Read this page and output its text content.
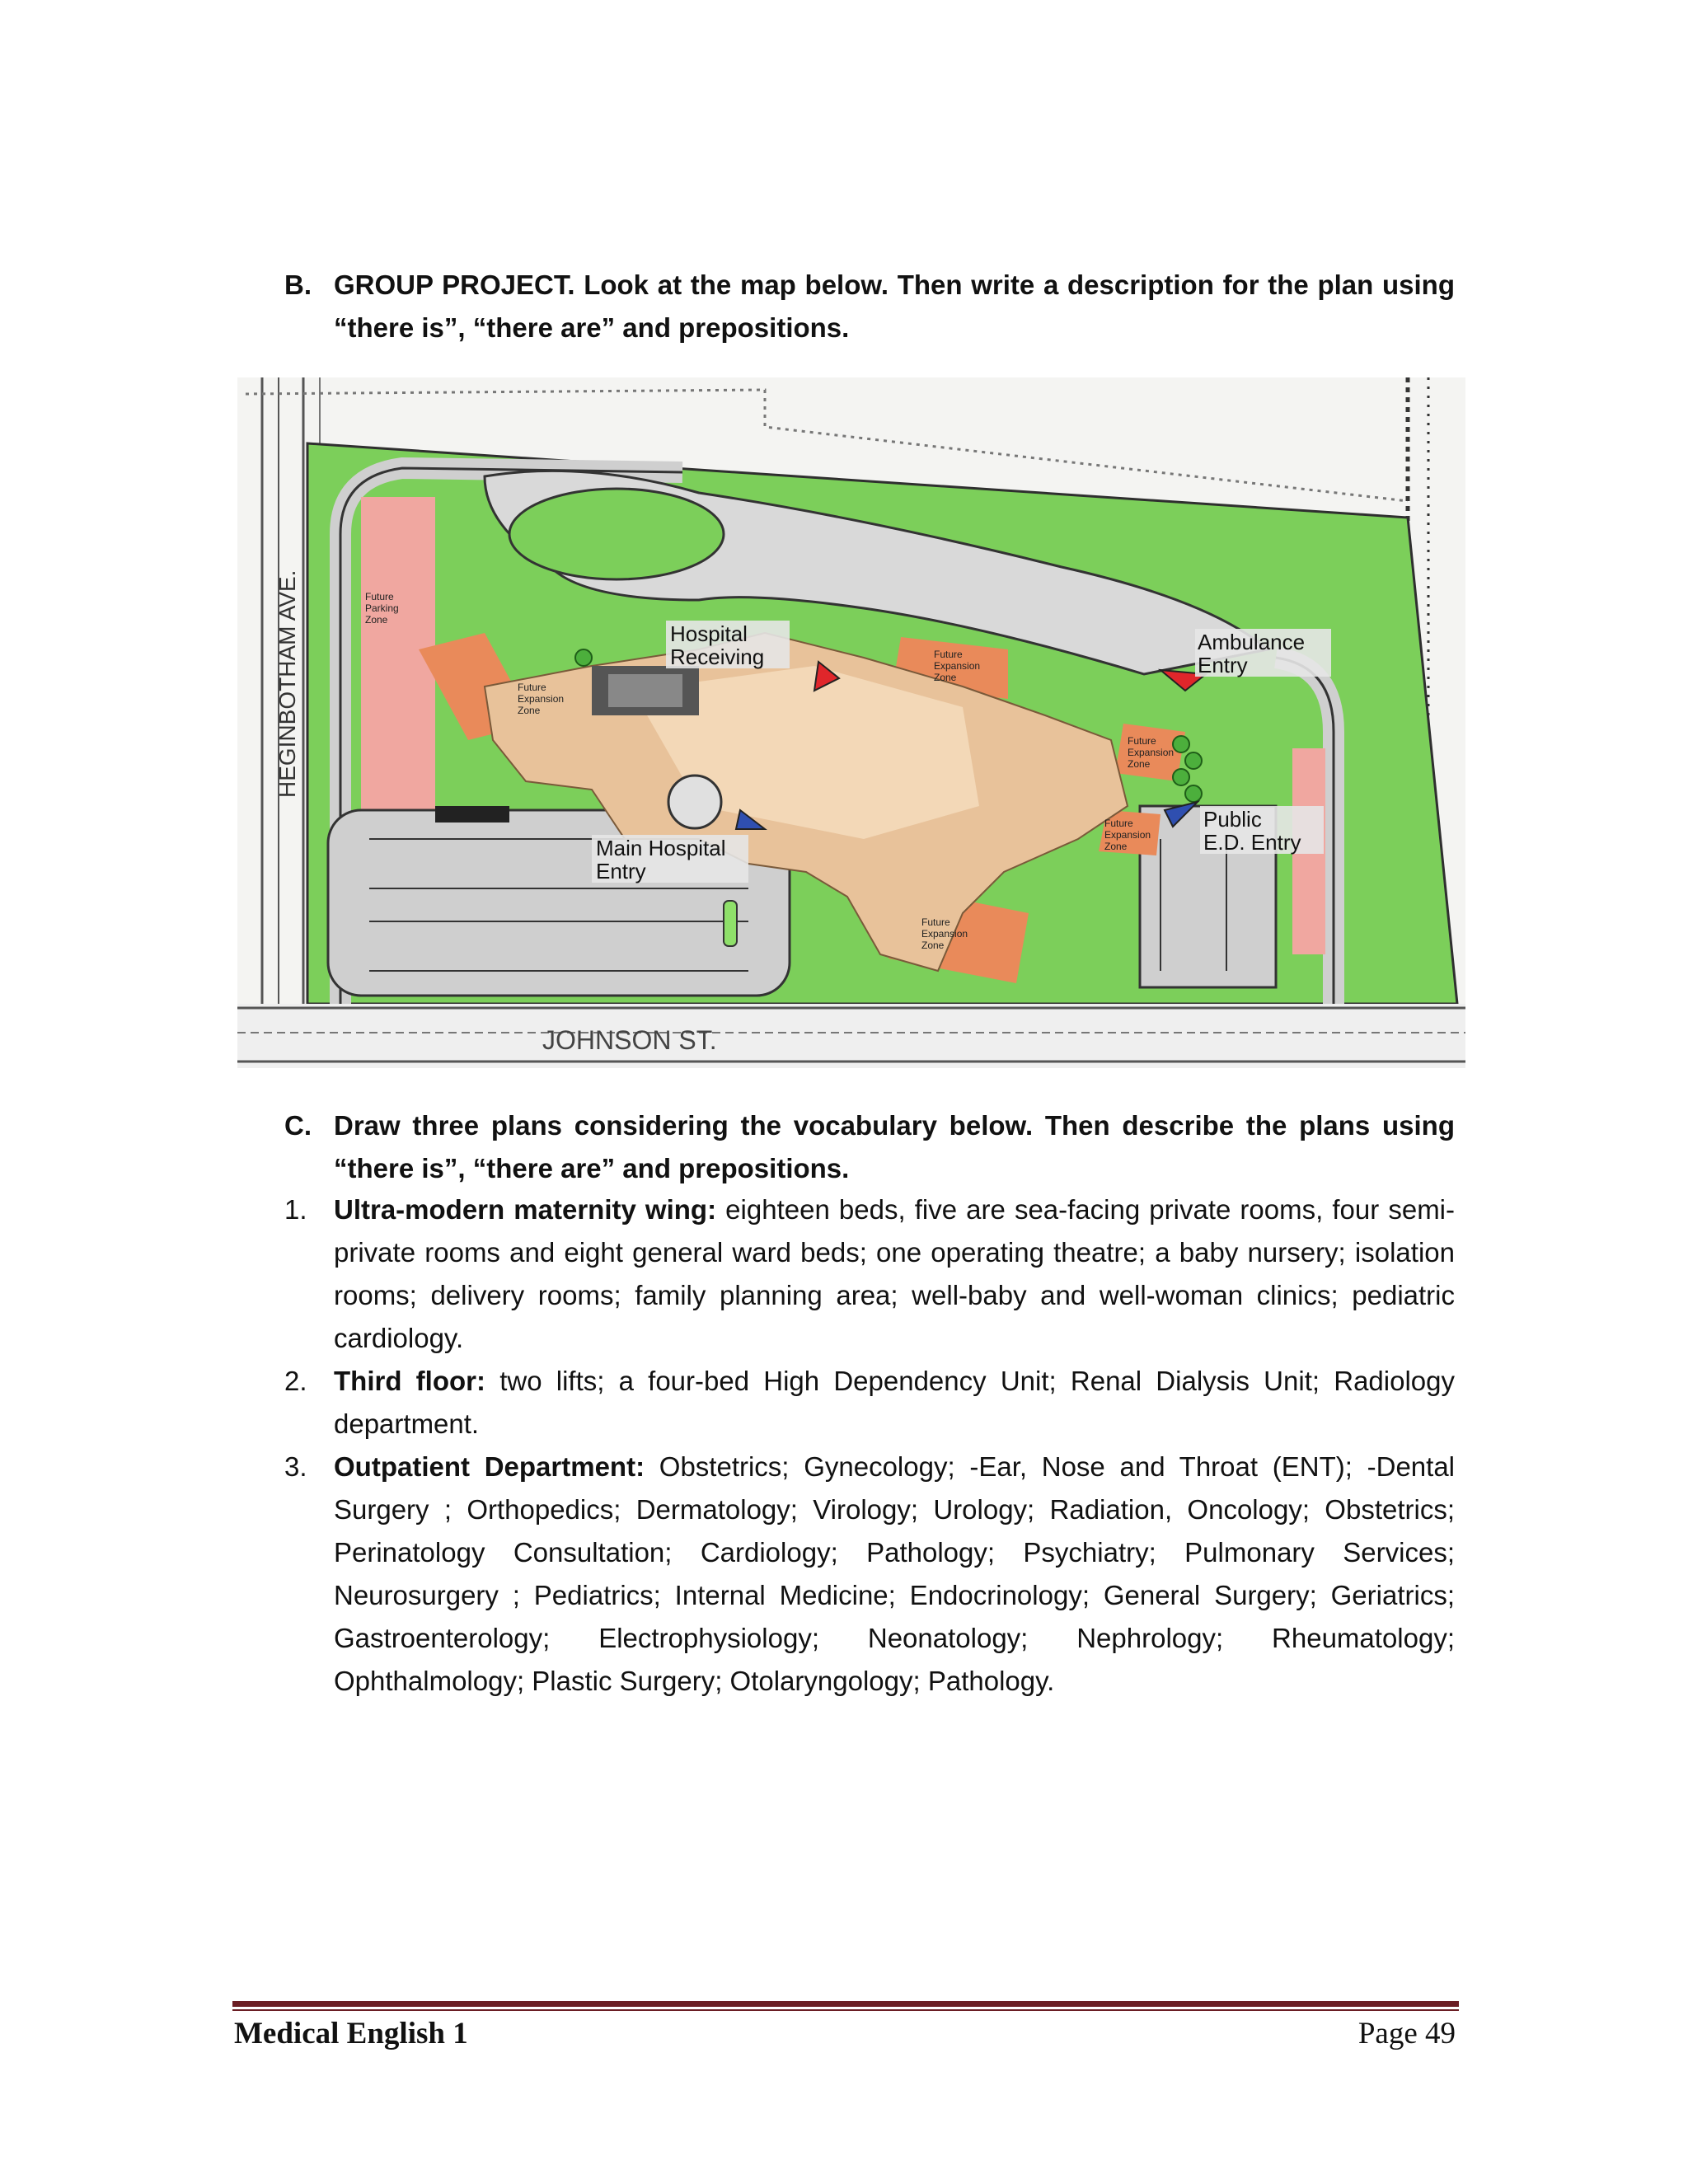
B. GROUP PROJECT. Look at the map below. Then write a description for the plan using “there is”, “there are” and prepositions.
HEGINBOTHAM AVE.
JOHNSON ST.
Hospital
Receiving
Ambulance
Entry
Main Hospital
Entry
Public
E.D. Entry
Future
Parking
Zone
Future
Expansion
Zone
Future
Expansion
Zone
Future
Expansion
Zone
Future
Expansion
Zone
Future
Expansion
Zone
C. Draw three plans considering the vocabulary below. Then describe the plans using “there is”, “there are” and prepositions.

1. Ultra-modern maternity wing: eighteen beds, five are sea-facing private rooms, four semi-private rooms and eight general ward beds; one operating theatre; a baby nursery; isolation rooms; delivery rooms; family planning area; well-baby and well-woman clinics; pediatric cardiology.

2. Third floor: two lifts; a four-bed High Dependency Unit; Renal Dialysis Unit; Radiology department.

3. Outpatient Department: Obstetrics; Gynecology; -Ear, Nose and Throat (ENT); -Dental Surgery ; Orthopedics; Dermatology; Virology; Urology; Radiation, Oncology; Obstetrics; Perinatology Consultation; Cardiology; Pathology; Psychiatry; Pulmonary Services; Neurosurgery ; Pediatrics; Internal Medicine; Endocrinology; General Surgery; Geriatrics; Gastroenterology; Electrophysiology; Neonatology; Nephrology; Rheumatology; Ophthalmology; Plastic Surgery; Otolaryngology; Pathology.

Medical English 1	Page 49
